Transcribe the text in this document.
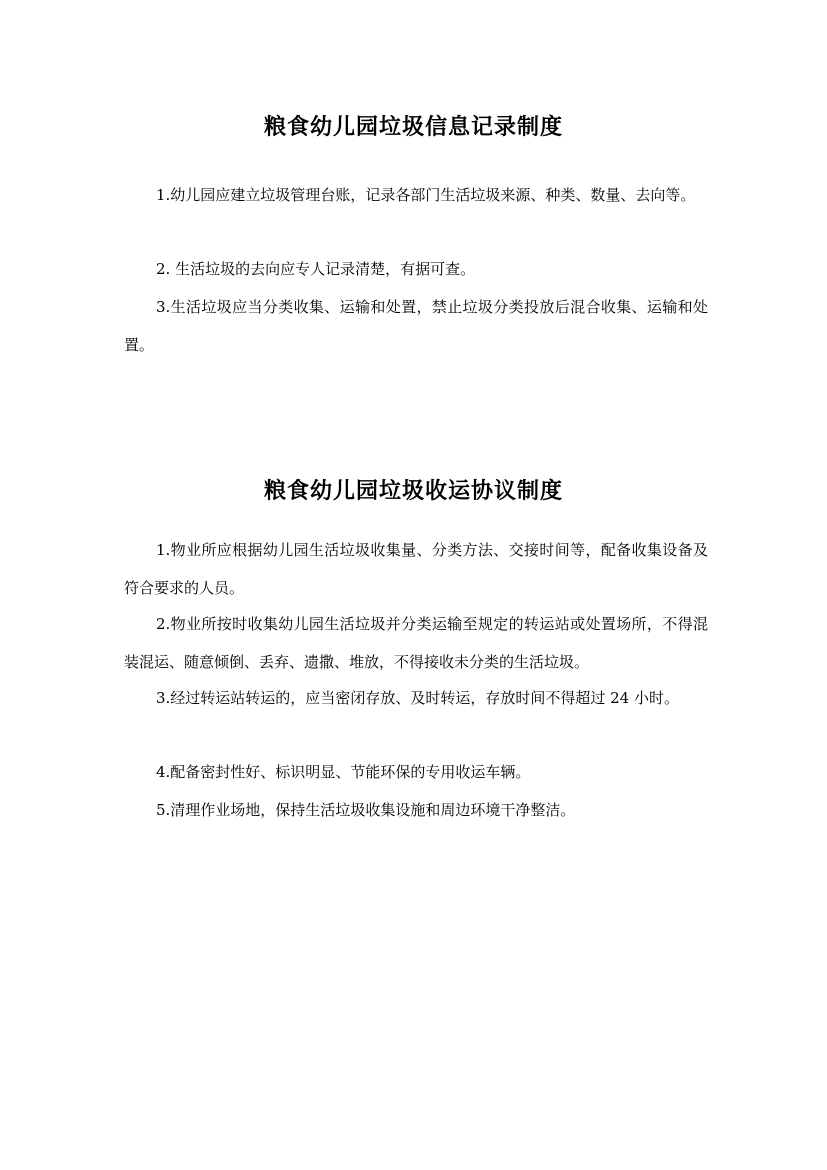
粮食幼儿园垃圾信息记录制度

1.幼儿园应建立垃圾管理台账，记录各部门生活垃圾来源、种类、数量、去向等。

2. 生活垃圾的去向应专人记录清楚，有据可查。

3.生活垃圾应当分类收集、运输和处置，禁止垃圾分类投放后混合收集、运输和处置。

粮食幼儿园垃圾收运协议制度

1.物业所应根据幼儿园生活垃圾收集量、分类方法、交接时间等，配备收集设备及符合要求的人员。

2.物业所按时收集幼儿园生活垃圾并分类运输至规定的转运站或处置场所，不得混装混运、随意倾倒、丢弃、遗撒、堆放，不得接收未分类的生活垃圾。

3.经过转运站转运的，应当密闭存放、及时转运，存放时间不得超过 24 小时。

4.配备密封性好、标识明显、节能环保的专用收运车辆。

5.清理作业场地，保持生活垃圾收集设施和周边环境干净整洁。
